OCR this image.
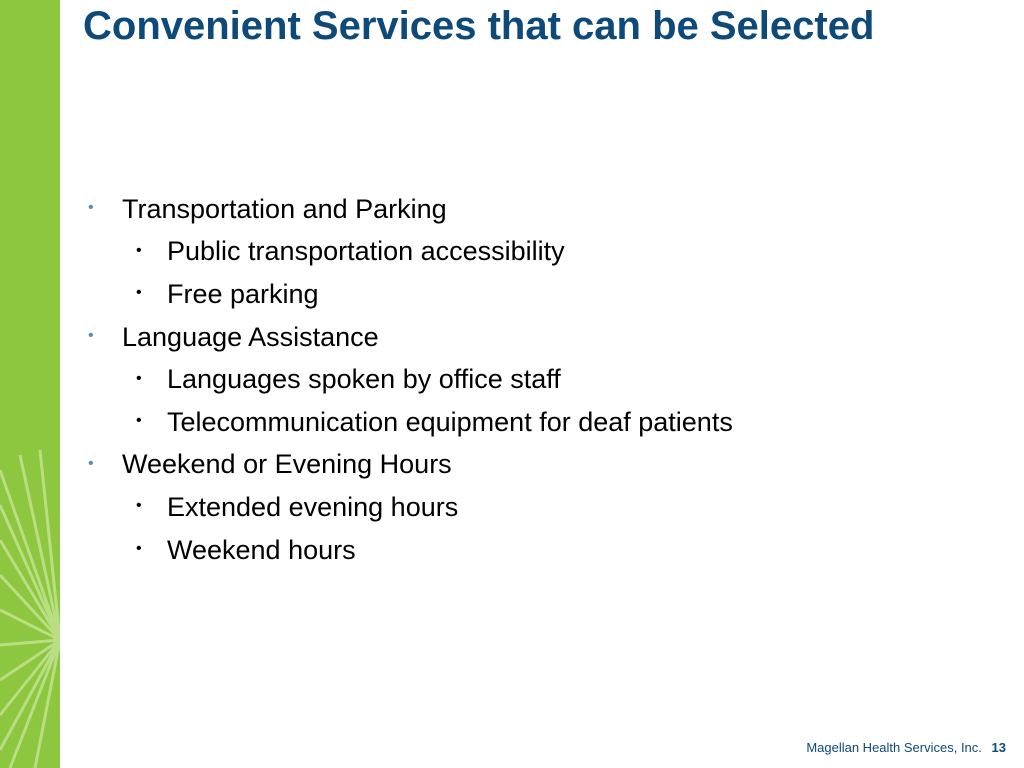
Convenient Services that can be Selected
• Transportation and Parking
• Public transportation accessibility
• Free parking
• Language Assistance
• Languages spoken by office staff
• Telecommunication equipment for deaf patients
• Weekend or Evening Hours
• Extended evening hours
• Weekend hours
Magellan Health Services, Inc. 13
